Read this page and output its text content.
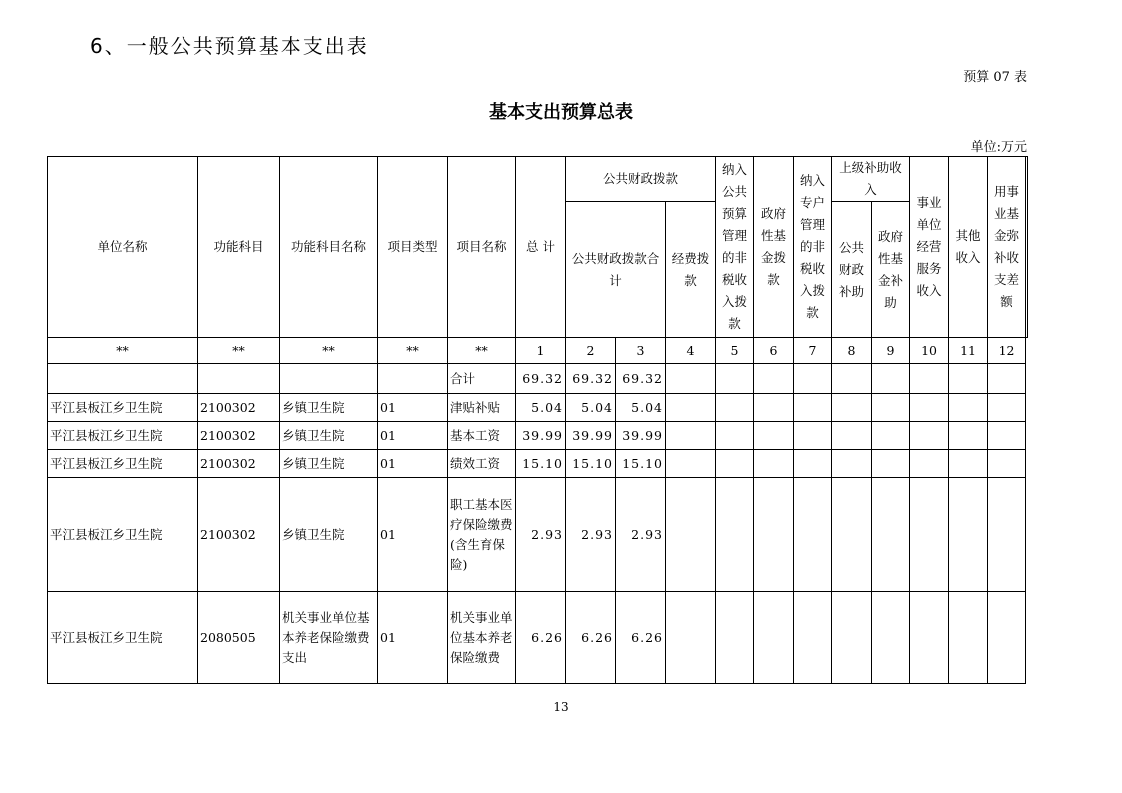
6、一般公共预算基本支出表
预算 07 表
基本支出预算总表
单位:万元
单位名称	功能科目	功能科目名称	项目类型	项目名称	总 计	公共财政拨款			纳入公共预算管理的非税收入拨款	政府性基金拨款	纳入专户管理的非税收入拨款	上级补助收入		事业单位经营服务收入	其他收入	用事业基金弥补收支差额	
						公共财政拨款合计		经费拨款				公共财政补助	政府性基金补助				
**	**	**	**	**	1	2	3	4	5	6	7	8	9	10	11	12	
				合计	69.32	69.32	69.32										
平江县板江乡卫生院	2100302	乡镇卫生院	01	津贴补贴	5.04	5.04	5.04										
平江县板江乡卫生院	2100302	乡镇卫生院	01	基本工资	39.99	39.99	39.99										
平江县板江乡卫生院	2100302	乡镇卫生院	01	绩效工资	15.10	15.10	15.10										
平江县板江乡卫生院	2100302	乡镇卫生院	01	职工基本医疗保险缴费(含生育保险)	2.93	2.93	2.93										
平江县板江乡卫生院	2080505	机关事业单位基本养老保险缴费支出	01	机关事业单位基本养老保险缴费	6.26	6.26	6.26										
13
